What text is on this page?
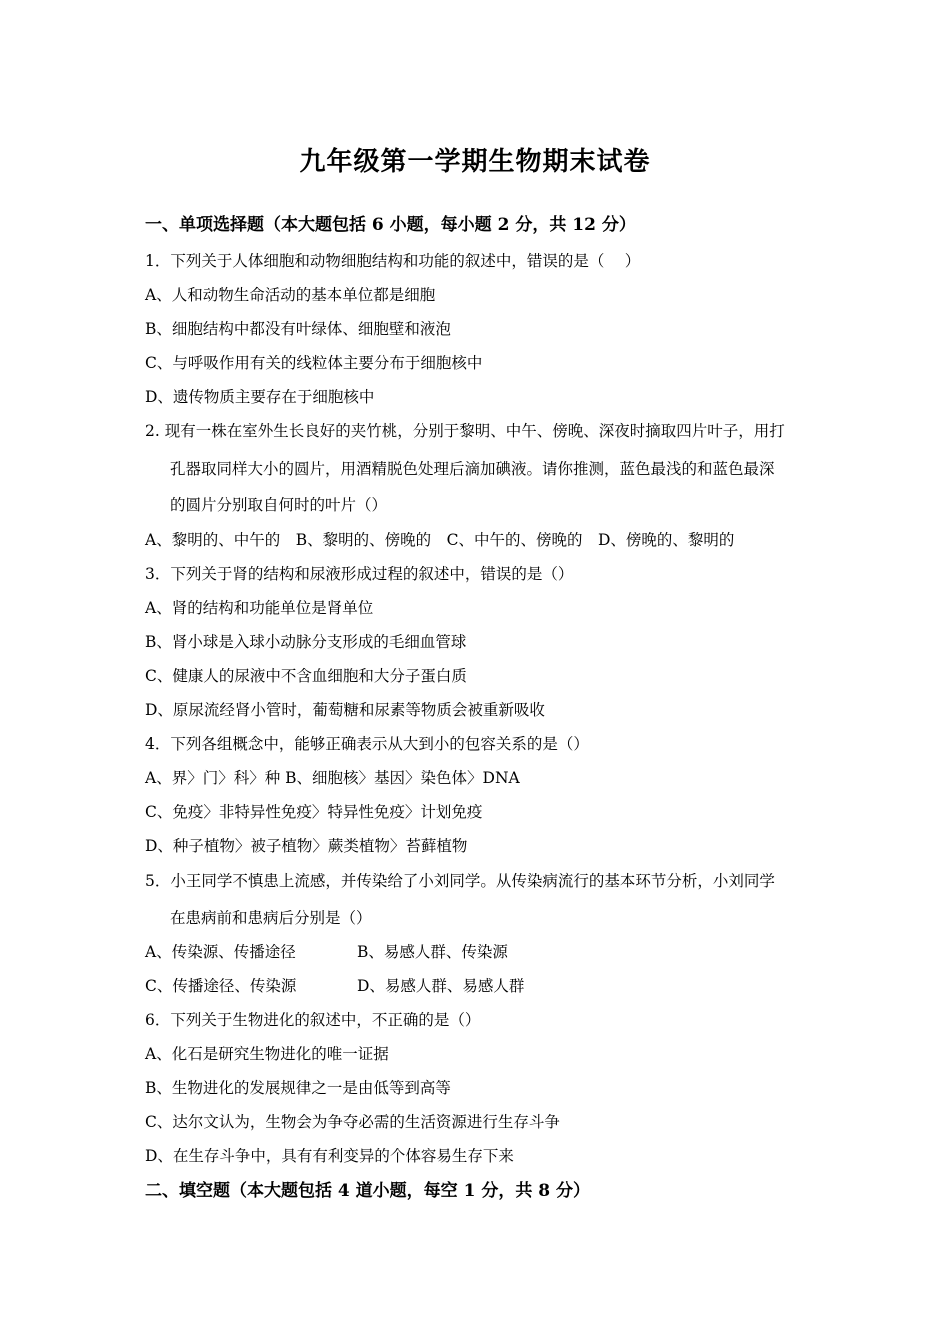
九年级第一学期生物期末试卷
一、单项选择题（本大题包括 6 小题，每小题 2 分，共 12 分）
1．下列关于人体细胞和动物细胞结构和功能的叙述中，错误的是（　 ）
A、人和动物生命活动的基本单位都是细胞
B、细胞结构中都没有叶绿体、细胞壁和液泡
C、与呼吸作用有关的线粒体主要分布于细胞核中
D、遗传物质主要存在于细胞核中
2. 现有一株在室外生长良好的夹竹桃，分别于黎明、中午、傍晚、深夜时摘取四片叶子，用打
孔器取同样大小的圆片，用酒精脱色处理后滴加碘液。请你推测，蓝色最浅的和蓝色最深
的圆片分别取自何时的叶片（）
A、黎明的、中午的　B、黎明的、傍晚的　C、中午的、傍晚的　D、傍晚的、黎明的
3．下列关于肾的结构和尿液形成过程的叙述中，错误的是（）
A、肾的结构和功能单位是肾单位
B、肾小球是入球小动脉分支形成的毛细血管球
C、健康人的尿液中不含血细胞和大分子蛋白质
D、原尿流经肾小管时，葡萄糖和尿素等物质会被重新吸收
4．下列各组概念中，能够正确表示从大到小的包容关系的是（）
A、界〉门〉科〉种 B、细胞核〉基因〉染色体〉DNA
C、免疫〉非特异性免疫〉特异性免疫〉计划免疫
D、种子植物〉被子植物〉蕨类植物〉苔藓植物
5．小王同学不慎患上流感，并传染给了小刘同学。从传染病流行的基本环节分析，小刘同学
在患病前和患病后分别是（）
A、传染源、传播途径	B、易感人群、传染源
C、传播途径、传染源	D、易感人群、易感人群
6．下列关于生物进化的叙述中，不正确的是（）
A、化石是研究生物进化的唯一证据
B、生物进化的发展规律之一是由低等到高等
C、达尔文认为，生物会为争夺必需的生活资源进行生存斗争
D、在生存斗争中，具有有利变异的个体容易生存下来
二、填空题（本大题包括 4 道小题，每空 1 分，共 8 分）
